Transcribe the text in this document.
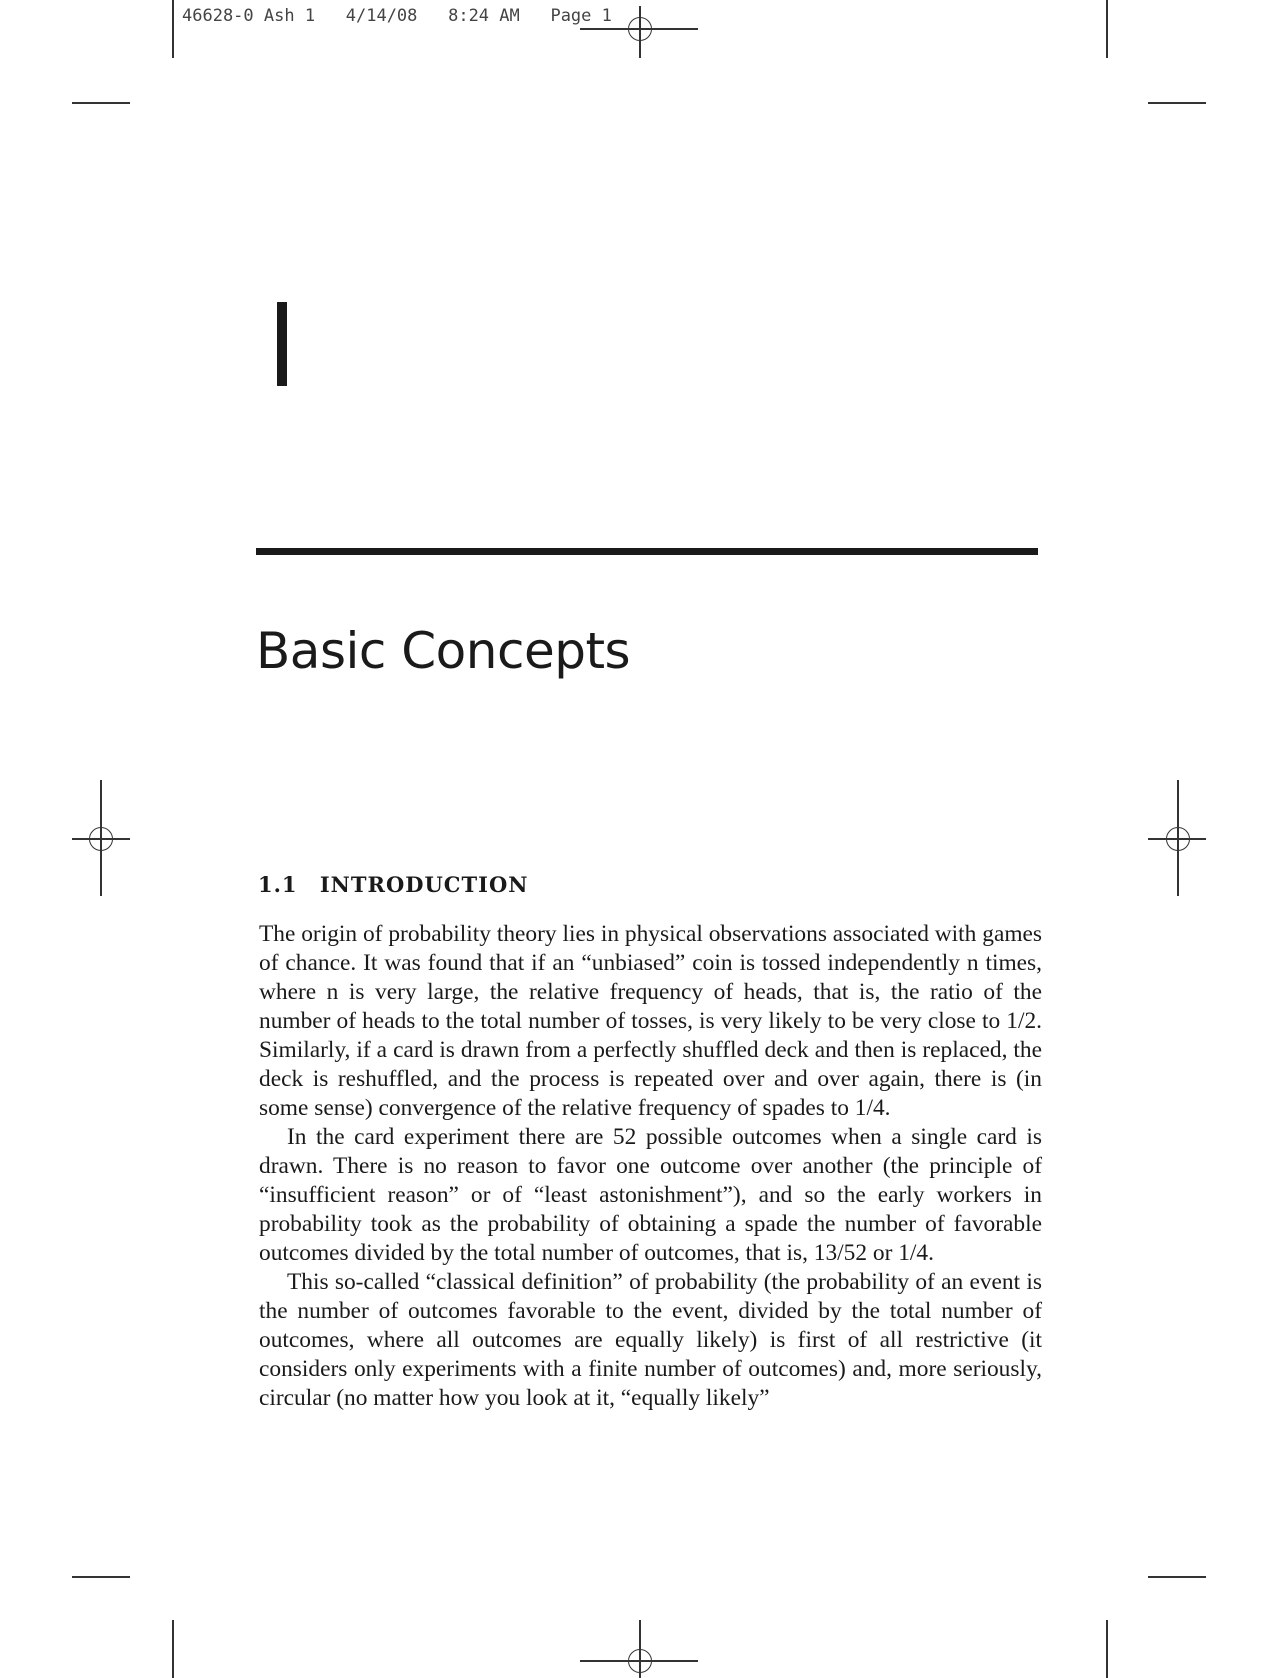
46628-0 Ash 1   4/14/08   8:24 AM   Page 1
Basic Concepts
1.1 INTRODUCTION

The origin of probability theory lies in physical observations associated with games of chance. It was found that if an “unbiased” coin is tossed independently n times, where n is very large, the relative frequency of heads, that is, the ratio of the number of heads to the total number of tosses, is very likely to be very close to 1/2. Similarly, if a card is drawn from a perfectly shuffled deck and then is replaced, the deck is reshuffled, and the process is repeated over and over again, there is (in some sense) convergence of the relative frequency of spades to 1/4.

In the card experiment there are 52 possible outcomes when a single card is drawn. There is no reason to favor one outcome over another (the principle of “insufficient reason” or of “least astonishment”), and so the early workers in probability took as the probability of obtaining a spade the number of favorable outcomes divided by the total number of outcomes, that is, 13/52 or 1/4.

This so-called “classical definition” of probability (the probability of an event is the number of outcomes favorable to the event, divided by the total number of outcomes, where all outcomes are equally likely) is first of all restrictive (it considers only experiments with a finite number of outcomes) and, more seriously, circular (no matter how you look at it, “equally likely”
